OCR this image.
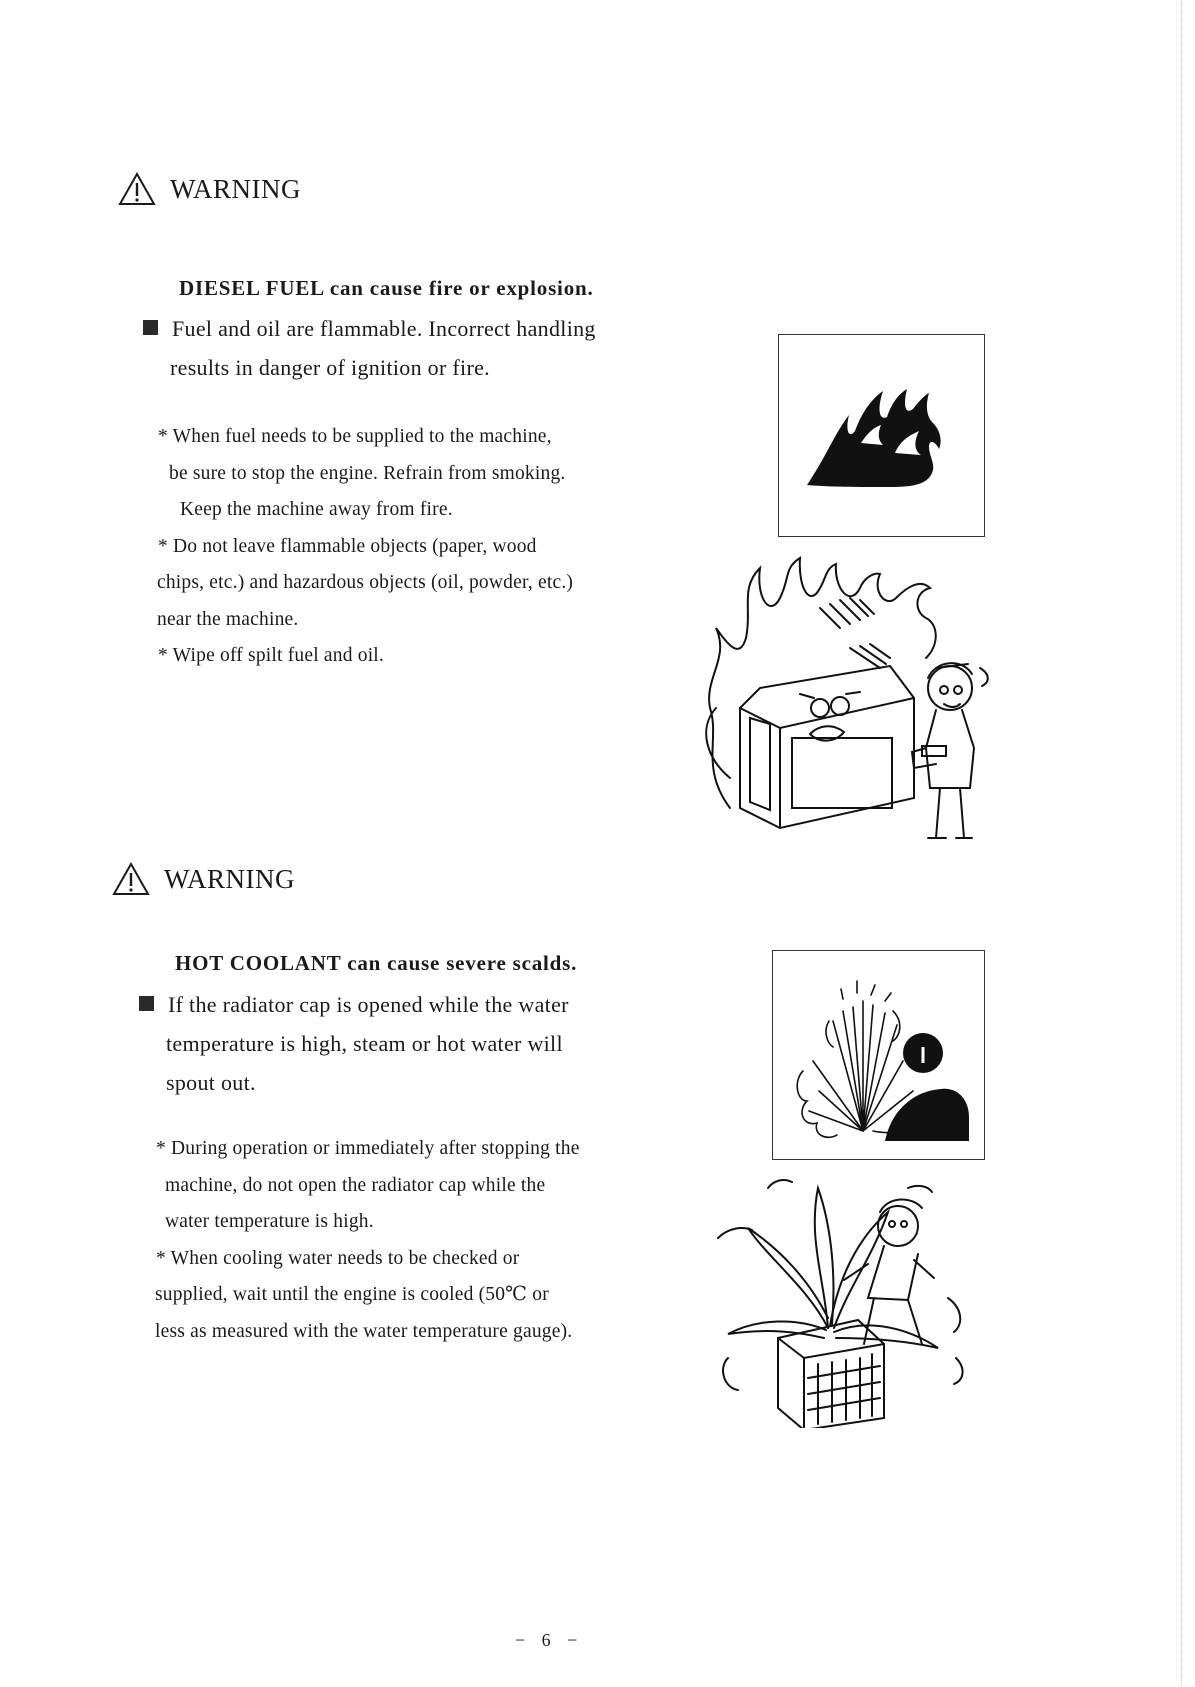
WARNING
DIESEL FUEL can cause fire or explosion.
Fuel and oil are flammable. Incorrect handling
results in danger of ignition or fire.
* When fuel needs to be supplied to the machine,
be sure to stop the engine. Refrain from smoking.
Keep the machine away from fire.
* Do not leave flammable objects (paper, wood
chips, etc.) and hazardous objects (oil, powder, etc.)
near the machine.
* Wipe off spilt fuel and oil.
WARNING
HOT COOLANT can cause severe scalds.
If the radiator cap is opened while the water
temperature is high, steam or hot water will
spout out.
* During operation or immediately after stopping the
machine, do not open the radiator cap while the
water temperature is high.
* When cooling water needs to be checked or
supplied, wait until the engine is cooled (50℃ or
less as measured with the water temperature gauge).
− 6 −
